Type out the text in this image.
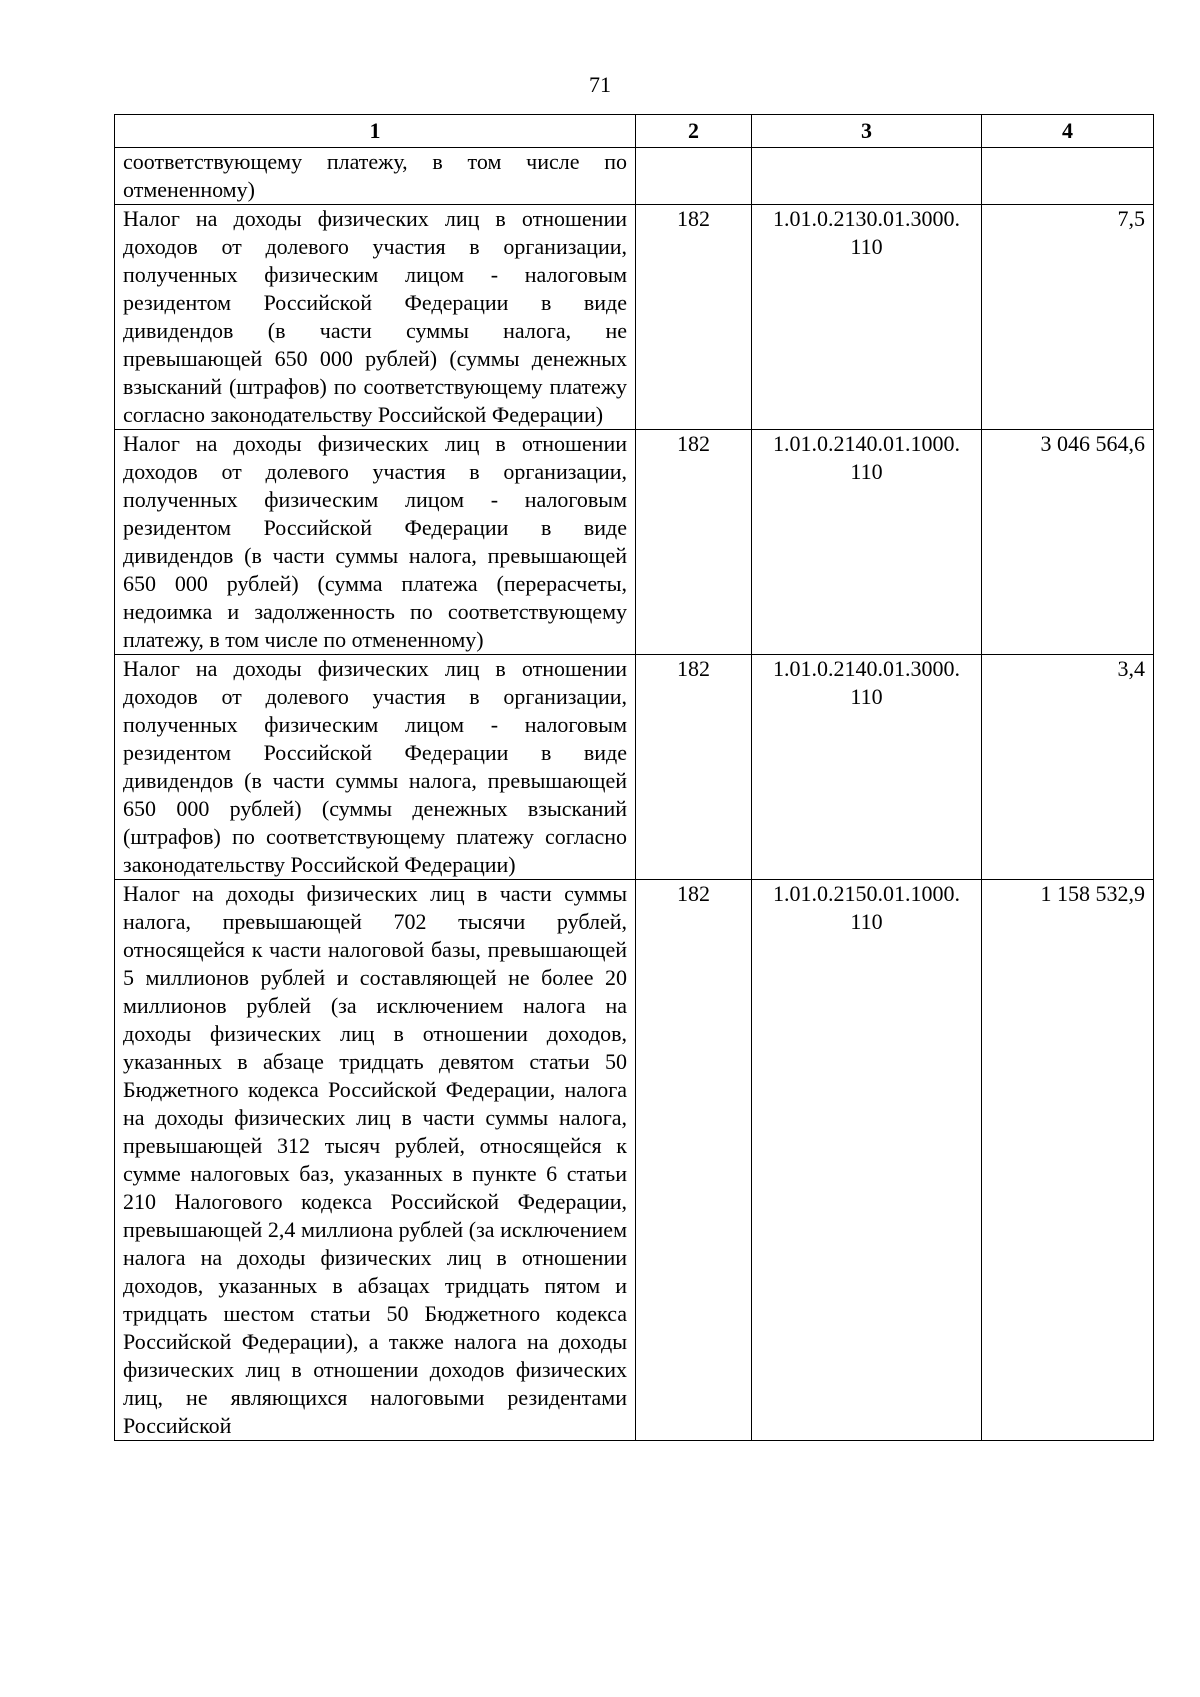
71
1	2	3	4
соответствующему платежу, в том числе по отмененному)			
Налог на доходы физических лиц в отношении доходов от долевого участия в организации, полученных физическим лицом - налоговым резидентом Российской Федерации в виде дивидендов (в части суммы налога, не превышающей 650 000 рублей) (суммы денежных взысканий (штрафов) по соответствующему платежу согласно законодательству Российской Федерации)	182	1.01.0.2130.01.3000. 110	7,5
Налог на доходы физических лиц в отношении доходов от долевого участия в организации, полученных физическим лицом - налоговым резидентом Российской Федерации в виде дивидендов (в части суммы налога, превышающей 650 000 рублей) (сумма платежа (перерасчеты, недоимка и задолженность по соответствующему платежу, в том числе по отмененному)	182	1.01.0.2140.01.1000. 110	3 046 564,6
Налог на доходы физических лиц в отношении доходов от долевого участия в организации, полученных физическим лицом - налоговым резидентом Российской Федерации в виде дивидендов (в части суммы налога, превышающей 650 000 рублей) (суммы денежных взысканий (штрафов) по соответствующему платежу согласно законодательству Российской Федерации)	182	1.01.0.2140.01.3000. 110	3,4
Налог на доходы физических лиц в части суммы налога, превышающей 702 тысячи рублей, относящейся к части налоговой базы, превышающей 5 миллионов рублей и составляющей не более 20 миллионов рублей (за исключением налога на доходы физических лиц в отношении доходов, указанных в абзаце тридцать девятом статьи 50 Бюджетного кодекса Российской Федерации, налога на доходы физических лиц в части суммы налога, превышающей 312 тысяч рублей, относящейся к сумме налоговых баз, указанных в пункте 6 статьи 210 Налогового кодекса Российской Федерации, превышающей 2,4 миллиона рублей (за исключением налога на доходы физических лиц в отношении доходов, указанных в абзацах тридцать пятом и тридцать шестом статьи 50 Бюджетного кодекса Российской Федерации), а также налога на доходы физических лиц в отношении доходов физических лиц, не являющихся налоговыми резидентами Российской	182	1.01.0.2150.01.1000. 110	1 158 532,9
